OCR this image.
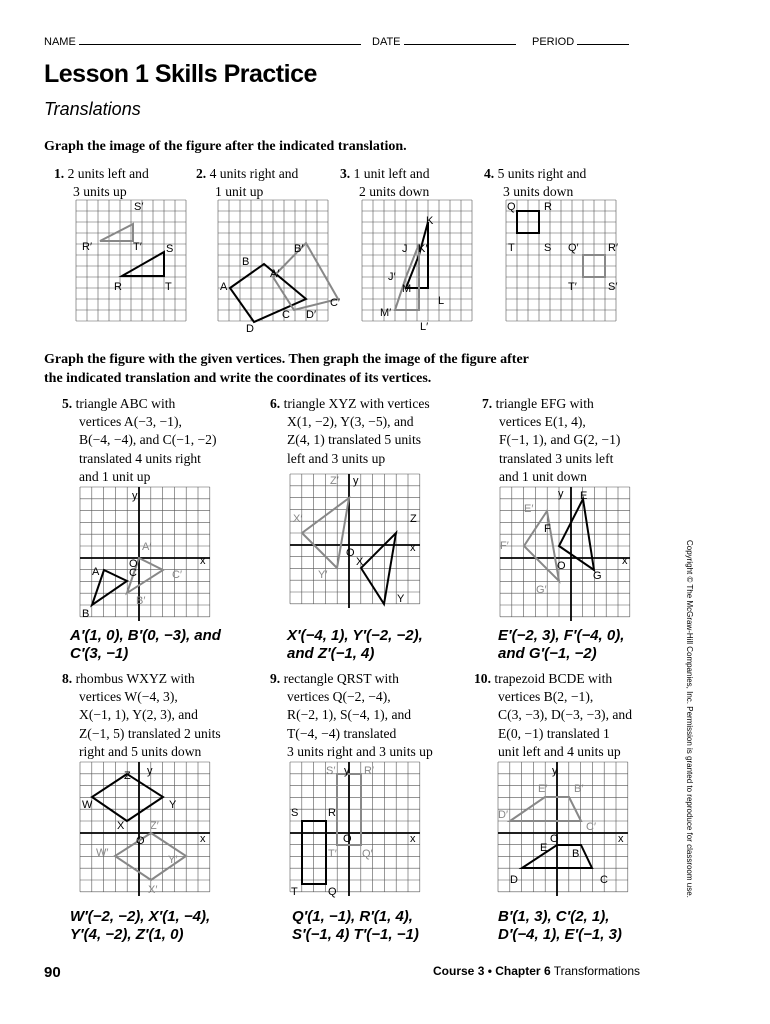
NAME	DATE	PERIOD
Lesson 1 Skills Practice
Translations
Graph the image of the figure after the indicated translation.
1. 2 units left and
3 units up
2. 4 units right and
1 unit up
3. 1 unit left and
2 units down
4. 5 units right and
3 units down
S′
R′	T′ S
R	T
B′
B
A′
A
C′
C D′
D
K
J K′
J′
M
L
M′
L′
Q	R
T	S Q′	R′
T′	S′
Graph the figure with the given vertices. Then graph the image of the figure after
the indicated translation and write the coordinates of its vertices.
5. triangle ABC with
vertices A(−3, −1),
B(−4, −4), and C(−1, −2)
translated 4 units right
and 1 unit up
6. triangle XYZ with vertices
X(1, −2), Y(3, −5), and
Z(4, 1) translated 5 units
left and 3 units up
7. triangle EFG with
vertices E(1, 4),
F(−1, 1), and G(2, −1)
translated 3 units left
and 1 unit down
y
x
O
A′
A	C	C′
B′
B
y
x
O
Z′
X′	Z
X
Y′
Y
y
x
O
E
E′
F
F′
G
G′
A′(1, 0), B′(0, −3), and
C′(3, −1)
X′(−4, 1), Y′(−2, −2),
and Z′(−1, 4)
E′(−2, 3), F′(−4, 0),
and G′(−1, −2)
8. rhombus WXYZ with
vertices W(−4, 3),
X(−1, 1), Y(2, 3), and
Z(−1, 5) translated 2 units
right and 5 units down
9. rectangle QRST with
vertices Q(−2, −4),
R(−2, 1), S(−4, 1), and
T(−4, −4) translated
3 units right and 3 units up
10. trapezoid BCDE with
vertices B(2, −1),
C(3, −3), D(−3, −3), and
E(0, −1) translated 1
unit left and 4 units up
y
x
O
Z
W	Y
X Z′
W′
Y′
X′
y
x
O
S′	R′
S	R
T′ Q′
T	Q
y
x
O
E′ B′
D′
C′
E B
D	C
W′(−2, −2), X′(1, −4),
Y′(4, −2), Z′(1, 0)
Q′(1, −1), R′(1, 4),
S′(−1, 4) T′(−1, −1)
B′(1, 3), C′(2, 1),
D′(−4, 1), E′(−1, 3)
Copyright © The McGraw-Hill Companies, Inc. Permission is granted to reproduce for classroom use.
90	Course 3 • Chapter 6 Transformations
